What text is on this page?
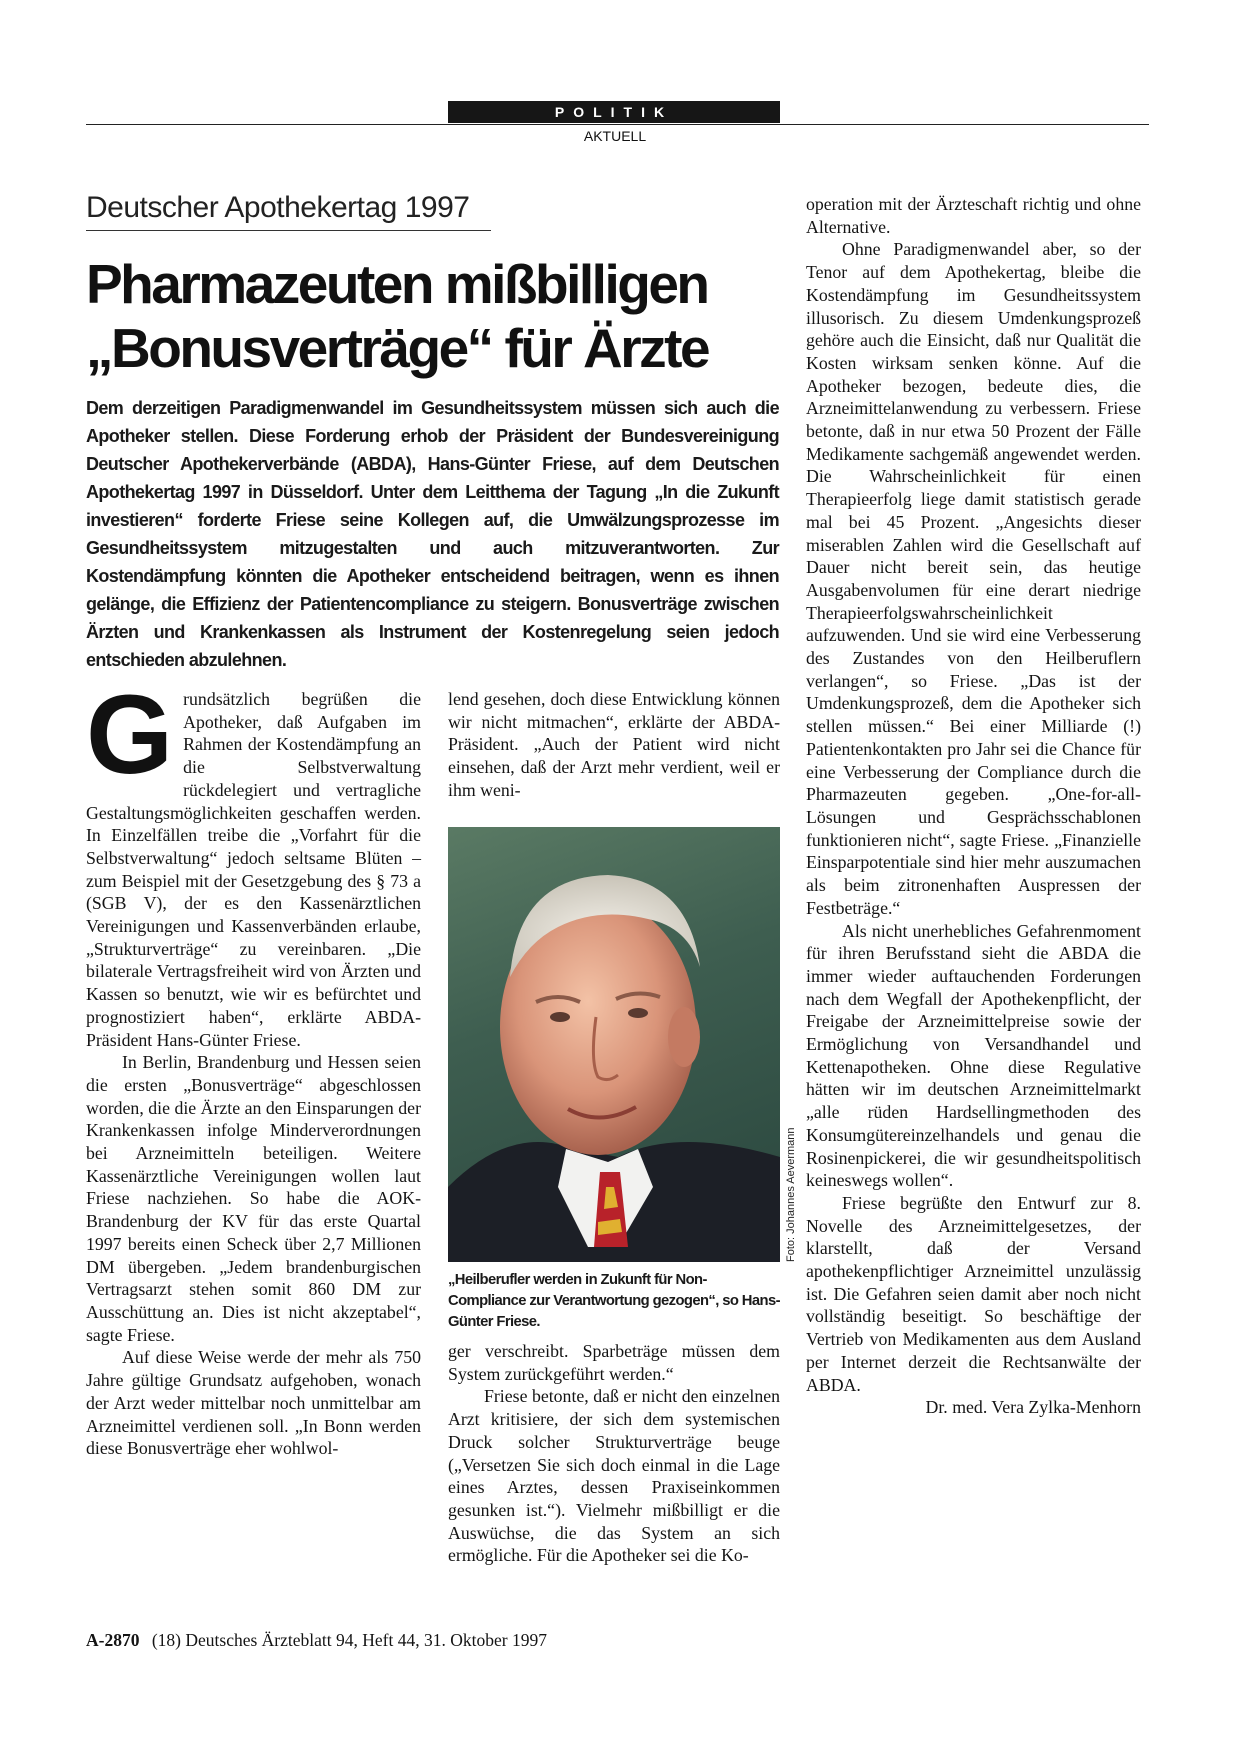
POLITIK
AKTUELL
Deutscher Apothekertag 1997
Pharmazeuten mißbilligen
„Bonusverträge“ für Ärzte

Dem derzeitigen Paradigmenwandel im Gesundheitssystem müssen sich auch die Apotheker stellen. Diese Forderung erhob der Präsident der Bundesvereinigung Deutscher Apothekerverbände (ABDA), Hans-Günter Friese, auf dem Deutschen Apothekertag 1997 in Düsseldorf. Unter dem Leitthema der Tagung „In die Zukunft investieren“ forderte Friese seine Kollegen auf, die Umwälzungsprozesse im Gesundheitssystem mitzugestalten und auch mitzuverantworten. Zur Kostendämpfung könnten die Apotheker entscheidend beitragen, wenn es ihnen gelänge, die Effizienz der Patientencompliance zu steigern. Bonusverträge zwischen Ärzten und Krankenkassen als Instrument der Kostenregelung seien jedoch entschieden abzulehnen.

Grundsätzlich begrüßen die Apotheker, daß Aufgaben im Rahmen der Kostendämpfung an die Selbstverwaltung rückdelegiert und vertragliche Gestaltungsmöglichkeiten geschaffen werden. In Einzelfällen treibe die „Vorfahrt für die Selbstverwaltung“ jedoch seltsame Blüten – zum Beispiel mit der Gesetzgebung des § 73 a (SGB V), der es den Kassenärztlichen Vereinigungen und Kassenverbänden erlaube, „Strukturverträge“ zu vereinbaren. „Die bilaterale Vertragsfreiheit wird von Ärzten und Kassen so benutzt, wie wir es befürchtet und prognostiziert haben“, erklärte ABDA-Präsident Hans-Günter Friese.

In Berlin, Brandenburg und Hessen seien die ersten „Bonusverträge“ abgeschlossen worden, die die Ärzte an den Einsparungen der Krankenkassen infolge Minderverordnungen bei Arzneimitteln beteiligen. Weitere Kassenärztliche Vereinigungen wollen laut Friese nachziehen. So habe die AOK-Brandenburg der KV für das erste Quartal 1997 bereits einen Scheck über 2,7 Millionen DM übergeben. „Jedem brandenburgischen Vertragsarzt stehen somit 860 DM zur Ausschüttung an. Dies ist nicht akzeptabel“, sagte Friese.

Auf diese Weise werde der mehr als 750 Jahre gültige Grundsatz aufgehoben, wonach der Arzt weder mittelbar noch unmittelbar am Arzneimittel verdienen soll. „In Bonn werden diese Bonusverträge eher wohlwol-

lend gesehen, doch diese Entwicklung können wir nicht mitmachen“, erklärte der ABDA-Präsident. „Auch der Patient wird nicht einsehen, daß der Arzt mehr verdient, weil er ihm weni-

Foto: Johannes Aevermann

„Heilberufler werden in Zukunft für Non-Compliance zur Verantwortung gezogen“, so Hans-Günter Friese.

ger verschreibt. Sparbeträge müssen dem System zurückgeführt werden.“

Friese betonte, daß er nicht den einzelnen Arzt kritisiere, der sich dem systemischen Druck solcher Strukturverträge beuge („Versetzen Sie sich doch einmal in die Lage eines Arztes, dessen Praxiseinkommen gesunken ist.“). Vielmehr mißbilligt er die Auswüchse, die das System an sich ermögliche. Für die Apotheker sei die Ko-

operation mit der Ärzteschaft richtig und ohne Alternative.

Ohne Paradigmenwandel aber, so der Tenor auf dem Apothekertag, bleibe die Kostendämpfung im Gesundheitssystem illusorisch. Zu diesem Umdenkungsprozeß gehöre auch die Einsicht, daß nur Qualität die Kosten wirksam senken könne. Auf die Apotheker bezogen, bedeute dies, die Arzneimittelanwendung zu verbessern. Friese betonte, daß in nur etwa 50 Prozent der Fälle Medikamente sachgemäß angewendet werden. Die Wahrscheinlichkeit für einen Therapieerfolg liege damit statistisch gerade mal bei 45 Prozent. „Angesichts dieser miserablen Zahlen wird die Gesellschaft auf Dauer nicht bereit sein, das heutige Ausgabenvolumen für eine derart niedrige Therapieerfolgswahrscheinlichkeit aufzuwenden. Und sie wird eine Verbesserung des Zustandes von den Heilberuflern verlangen“, so Friese. „Das ist der Umdenkungsprozeß, dem die Apotheker sich stellen müssen.“ Bei einer Milliarde (!) Patientenkontakten pro Jahr sei die Chance für eine Verbesserung der Compliance durch die Pharmazeuten gegeben. „One-for-all-Lösungen und Gesprächsschablonen funktionieren nicht“, sagte Friese. „Finanzielle Einsparpotentiale sind hier mehr auszumachen als beim zitronenhaften Auspressen der Festbeträge.“

Als nicht unerhebliches Gefahrenmoment für ihren Berufsstand sieht die ABDA die immer wieder auftauchenden Forderungen nach dem Wegfall der Apothekenpflicht, der Freigabe der Arzneimittelpreise sowie der Ermöglichung von Versandhandel und Kettenapotheken. Ohne diese Regulative hätten wir im deutschen Arzneimittelmarkt „alle rüden Hardsellingmethoden des Konsumgütereinzelhandels und genau die Rosinenpickerei, die wir gesundheitspolitisch keineswegs wollen“.

Friese begrüßte den Entwurf zur 8. Novelle des Arzneimittelgesetzes, der klarstellt, daß der Versand apothekenpflichtiger Arzneimittel unzulässig ist. Die Gefahren seien damit aber noch nicht vollständig beseitigt. So beschäftige der Vertrieb von Medikamenten aus dem Ausland per Internet derzeit die Rechtsanwälte der ABDA.

Dr. med. Vera Zylka-Menhorn

A-2870 (18) Deutsches Ärzteblatt 94, Heft 44, 31. Oktober 1997
